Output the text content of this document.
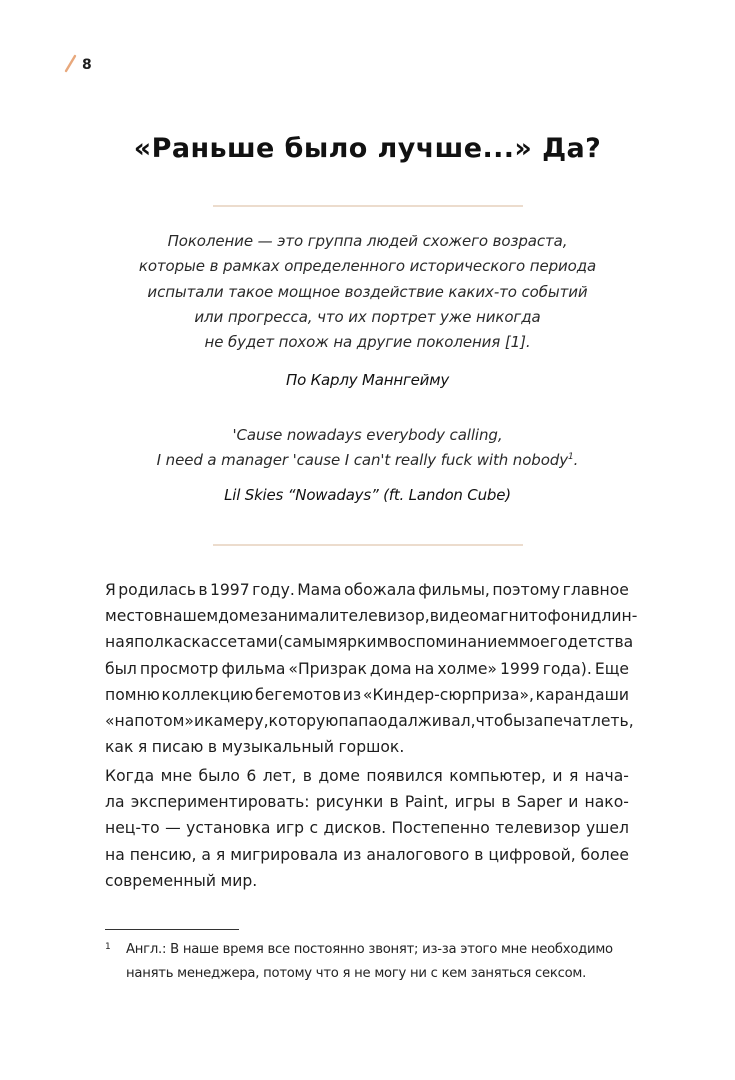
8
«Раньше было лучше...» Да?
Поколение — это группа людей схожего возраста,
которые в рамках определенного исторического периода
испытали такое мощное воздействие каких-то событий
или прогресса, что их портрет уже никогда
не будет похож на другие поколения [1].
По Карлу Маннгейму
'Cause nowadays everybody calling,
I need a manager 'cause I can't really fuck with nobody$^1$.
Lil Skies “Nowadays” (ft. Landon Cube)
Я родилась в 1997 году. Мама обожала фильмы, поэтому главное
место в нашем доме занимали телевизор, видеомагнитофон и длин-
ная полка с кассетами (самым ярким воспоминанием моего детства
был просмотр фильма «Призрак дома на холме» 1999 года). Еще
помню коллекцию бегемотов из «Киндер-сюрприза», карандаши
«на потом» и камеру, которую папа одалживал, чтобы запечатлеть,
как я писаю в музыкальный горшок.
Когда мне было 6 лет, в доме появился компьютер, и я нача-
ла экспериментировать: рисунки в Paint, игры в Saper и нако-
нец-то — установка игр с дисков. Постепенно телевизор ушел
на пенсию, а я мигрировала из аналогового в цифровой, более
современный мир.
1 Англ.: В наше время все постоянно звонят; из-за этого мне необходимо
нанять менеджера, потому что я не могу ни с кем заняться сексом.
